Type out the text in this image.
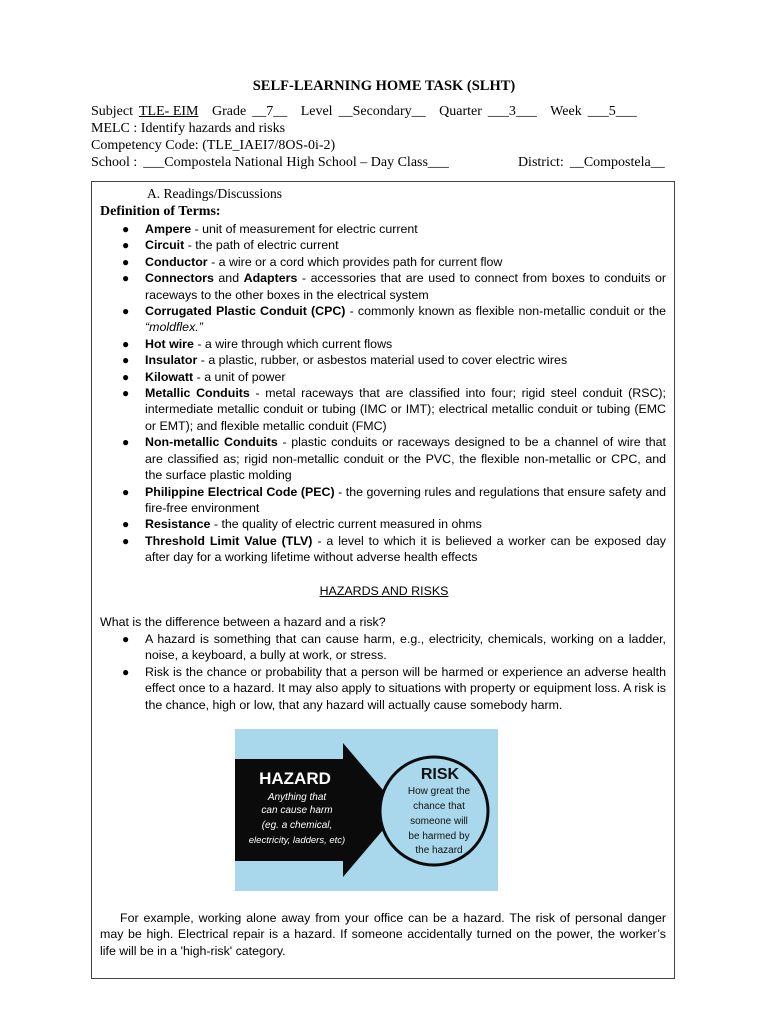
SELF-LEARNING HOME TASK (SLHT)
Subject TLE- EIM Grade __7__ Level __Secondary__ Quarter ___3___ Week ___5___
MELC : Identify hazards and risks
Competency Code: (TLE_IAEI7/8OS-0i-2)
School : ___Compostela National High School – Day Class___	District: __Compostela__
A. Readings/Discussions
Definition of Terms:
● Ampere - unit of measurement for electric current
● Circuit - the path of electric current
● Conductor - a wire or a cord which provides path for current flow
● Connectors and Adapters - accessories that are used to connect from boxes to conduits or raceways to the other boxes in the electrical system
● Corrugated Plastic Conduit (CPC) - commonly known as flexible non-metallic conduit or the “moldflex.”
● Hot wire - a wire through which current flows
● Insulator - a plastic, rubber, or asbestos material used to cover electric wires
● Kilowatt - a unit of power
● Metallic Conduits - metal raceways that are classified into four; rigid steel conduit (RSC); intermediate metallic conduit or tubing (IMC or IMT); electrical metallic conduit or tubing (EMC or EMT); and flexible metallic conduit (FMC)
● Non-metallic Conduits - plastic conduits or raceways designed to be a channel of wire that are classified as; rigid non-metallic conduit or the PVC, the flexible non-metallic or CPC, and the surface plastic molding
● Philippine Electrical Code (PEC) - the governing rules and regulations that ensure safety and fire-free environment
● Resistance - the quality of electric current measured in ohms
● Threshold Limit Value (TLV) - a level to which it is believed a worker can be exposed day after day for a working lifetime without adverse health effects
HAZARDS AND RISKS
What is the difference between a hazard and a risk?
● A hazard is something that can cause harm, e.g., electricity, chemicals, working on a ladder, noise, a keyboard, a bully at work, or stress.
● Risk is the chance or probability that a person will be harmed or experience an adverse health effect once to a hazard. It may also apply to situations with property or equipment loss. A risk is the chance, high or low, that any hazard will actually cause somebody harm.
HAZARD
Anything that
can cause harm
(eg. a chemical,
electricity, ladders, etc)
RISK
How great the
chance that
someone will
be harmed by
the hazard

For example, working alone away from your office can be a hazard. The risk of personal danger may be high. Electrical repair is a hazard. If someone accidentally turned on the power, the worker’s life will be in a 'high-risk' category.
